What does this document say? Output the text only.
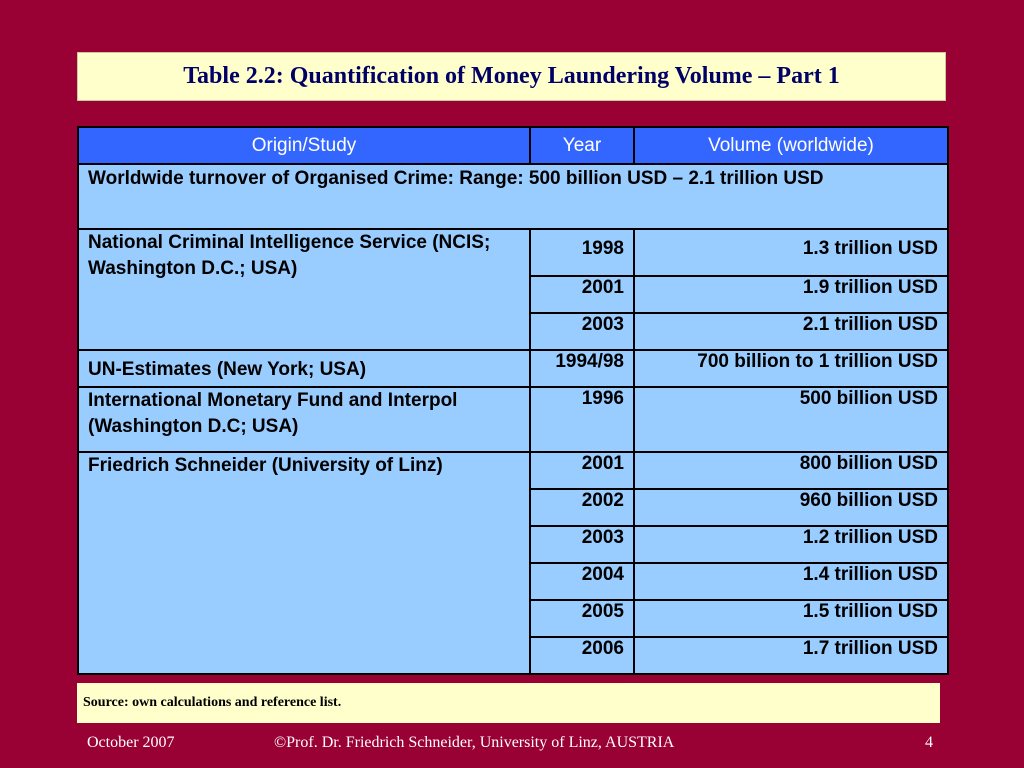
Table 2.2: Quantification of Money Laundering Volume – Part 1
Origin/Study	Year	Volume (worldwide)
Worldwide turnover of Organised Crime: Range: 500 billion USD – 2.1 trillion USD		
National Criminal Intelligence Service (NCIS; Washington D.C.; USA)	1998	1.3 trillion USD
	2001	1.9 trillion USD
	2003	2.1 trillion USD
UN-Estimates (New York; USA)	1994/98	700 billion to 1 trillion USD
International Monetary Fund and Interpol (Washington D.C; USA)	1996	500 billion USD
Friedrich Schneider (University of Linz)	2001	800 billion USD
	2002	960 billion USD
	2003	1.2 trillion USD
	2004	1.4 trillion USD
	2005	1.5 trillion USD
	2006	1.7 trillion USD
Source: own calculations and reference list.
October 2007	©Prof. Dr. Friedrich Schneider, University of Linz, AUSTRIA	4
